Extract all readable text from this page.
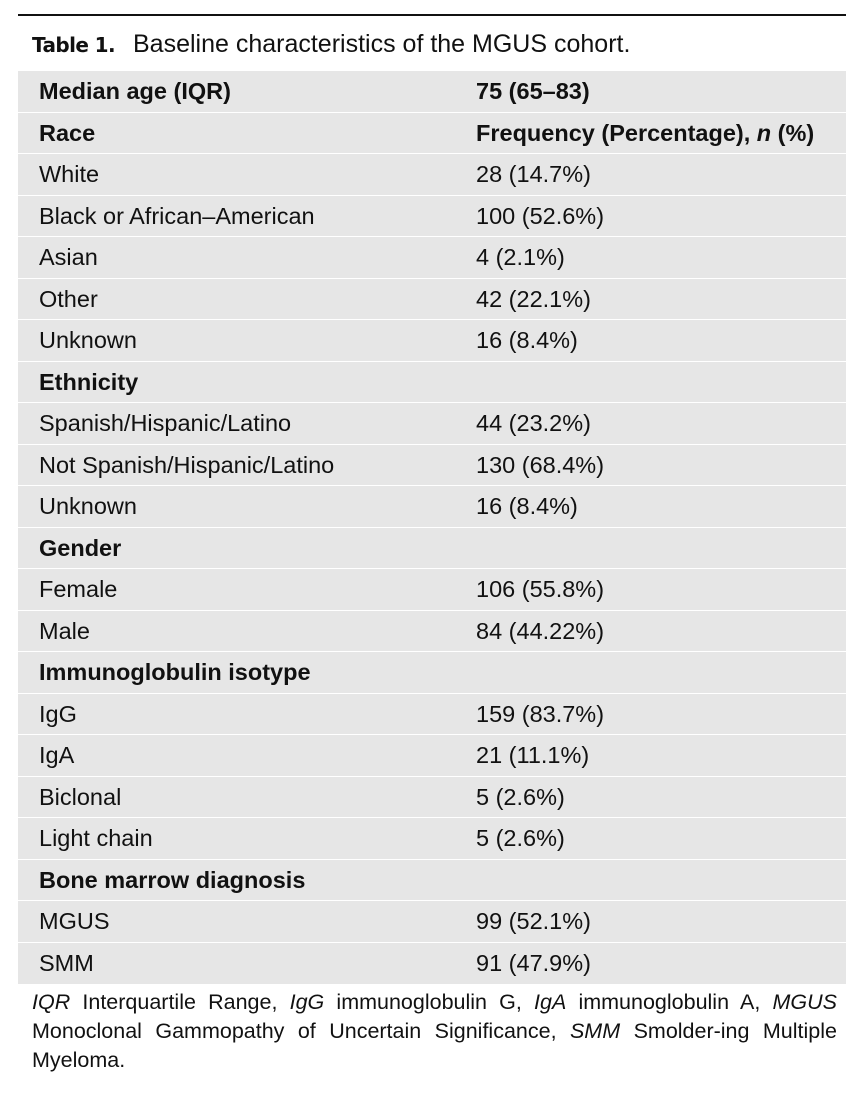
Table 1. Baseline characteristics of the MGUS cohort.
Median age (IQR)	75 (65–83)
Race	Frequency (Percentage), n (%)
White	28 (14.7%)
Black or African–American	100 (52.6%)
Asian	4 (2.1%)
Other	42 (22.1%)
Unknown	16 (8.4%)
Ethnicity
Spanish/Hispanic/Latino	44 (23.2%)
Not Spanish/Hispanic/Latino	130 (68.4%)
Unknown	16 (8.4%)
Gender
Female	106 (55.8%)
Male	84 (44.22%)
Immunoglobulin isotype
IgG	159 (83.7%)
IgA	21 (11.1%)
Biclonal	5 (2.6%)
Light chain	5 (2.6%)
Bone marrow diagnosis
MGUS	99 (52.1%)
SMM	91 (47.9%)
IQR Interquartile Range, IgG immunoglobulin G, IgA immunoglobulin A, MGUS Monoclonal Gammopathy of Uncertain Significance, SMM Smolder-ing Multiple Myeloma.
